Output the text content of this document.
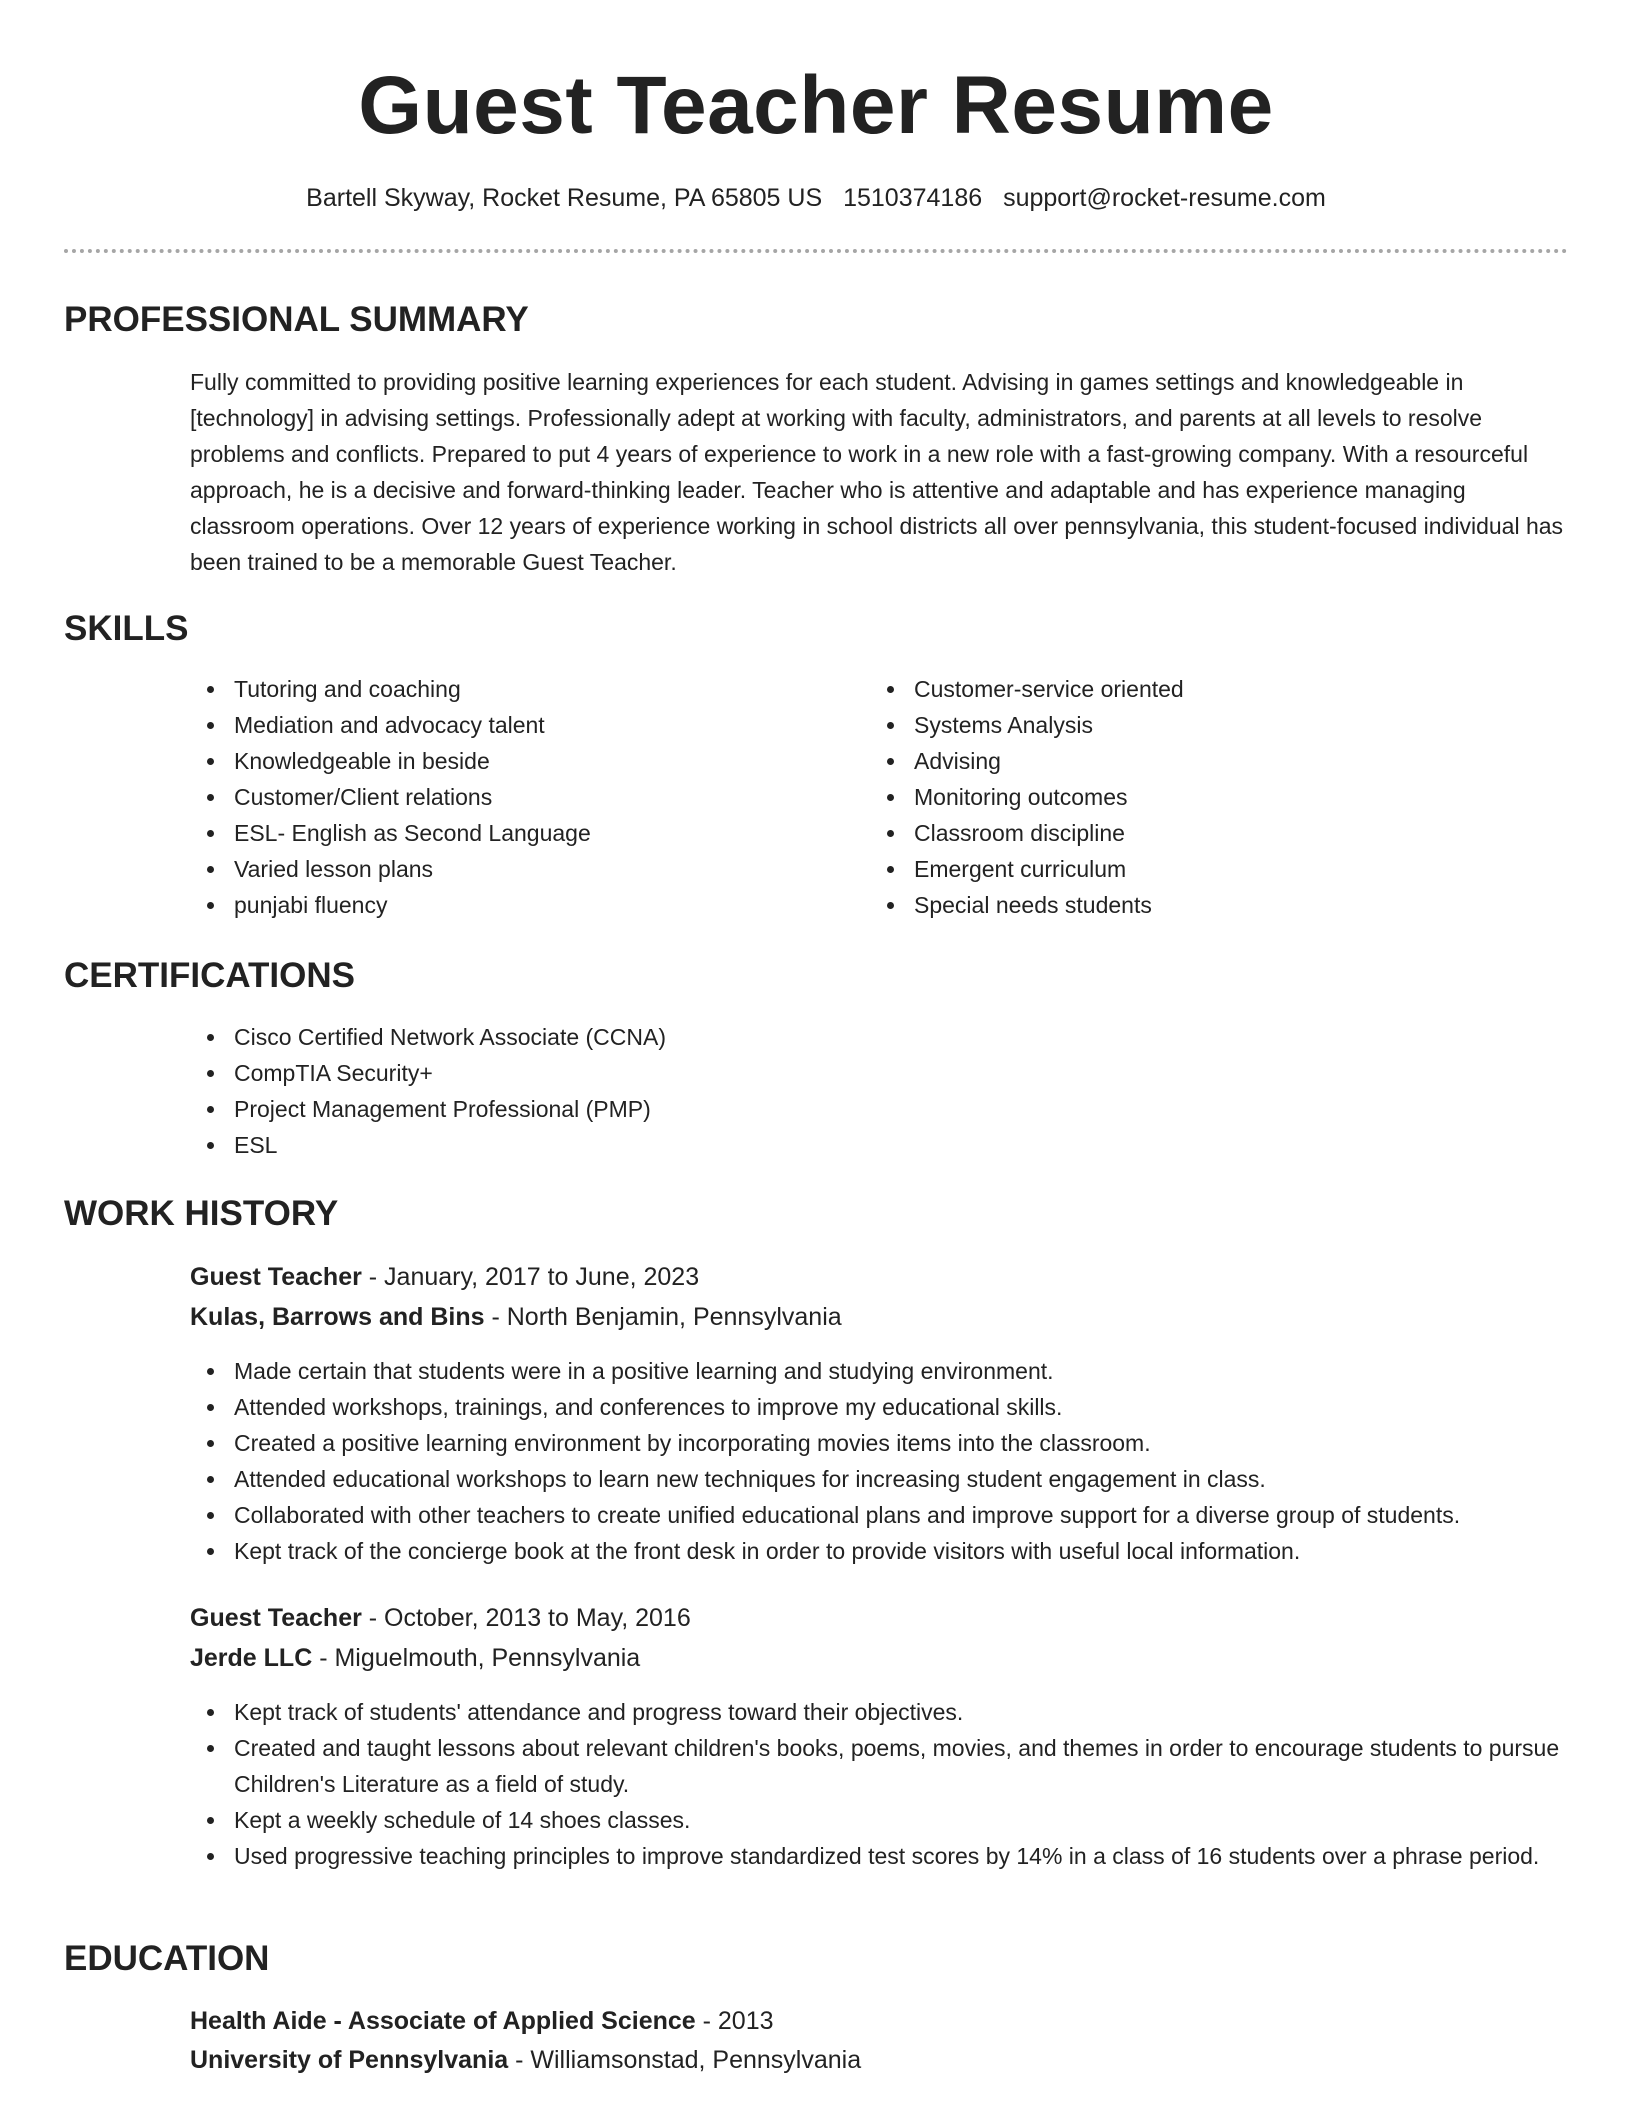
Guest Teacher Resume
Bartell Skyway, Rocket Resume, PA 65805 US 1510374186 support@rocket-resume.com
PROFESSIONAL SUMMARY

Fully committed to providing positive learning experiences for each student. Advising in games settings and knowledgeable in [technology] in advising settings. Professionally adept at working with faculty, administrators, and parents at all levels to resolve problems and conflicts. Prepared to put 4 years of experience to work in a new role with a fast-growing company. With a resourceful approach, he is a decisive and forward-thinking leader. Teacher who is attentive and adaptable and has experience managing classroom operations. Over 12 years of experience working in school districts all over pennsylvania, this student-focused individual has been trained to be a memorable Guest Teacher.

SKILLS
Tutoring and coaching
Mediation and advocacy talent
Knowledgeable in beside
Customer/Client relations
ESL- English as Second Language
Varied lesson plans
punjabi fluency
Customer-service oriented
Systems Analysis
Advising
Monitoring outcomes
Classroom discipline
Emergent curriculum
Special needs students
CERTIFICATIONS
Cisco Certified Network Associate (CCNA)
CompTIA Security+
Project Management Professional (PMP)
ESL
WORK HISTORY
Guest Teacher - January, 2017 to June, 2023
Kulas, Barrows and Bins - North Benjamin, Pennsylvania
Made certain that students were in a positive learning and studying environment.
Attended workshops, trainings, and conferences to improve my educational skills.
Created a positive learning environment by incorporating movies items into the classroom.
Attended educational workshops to learn new techniques for increasing student engagement in class.
Collaborated with other teachers to create unified educational plans and improve support for a diverse group of students.
Kept track of the concierge book at the front desk in order to provide visitors with useful local information.
Guest Teacher - October, 2013 to May, 2016
Jerde LLC - Miguelmouth, Pennsylvania
Kept track of students' attendance and progress toward their objectives.
Created and taught lessons about relevant children's books, poems, movies, and themes in order to encourage students to pursue Children's Literature as a field of study.
Kept a weekly schedule of 14 shoes classes.
Used progressive teaching principles to improve standardized test scores by 14% in a class of 16 students over a phrase period.
EDUCATION
Health Aide - Associate of Applied Science - 2013
University of Pennsylvania - Williamsonstad, Pennsylvania
